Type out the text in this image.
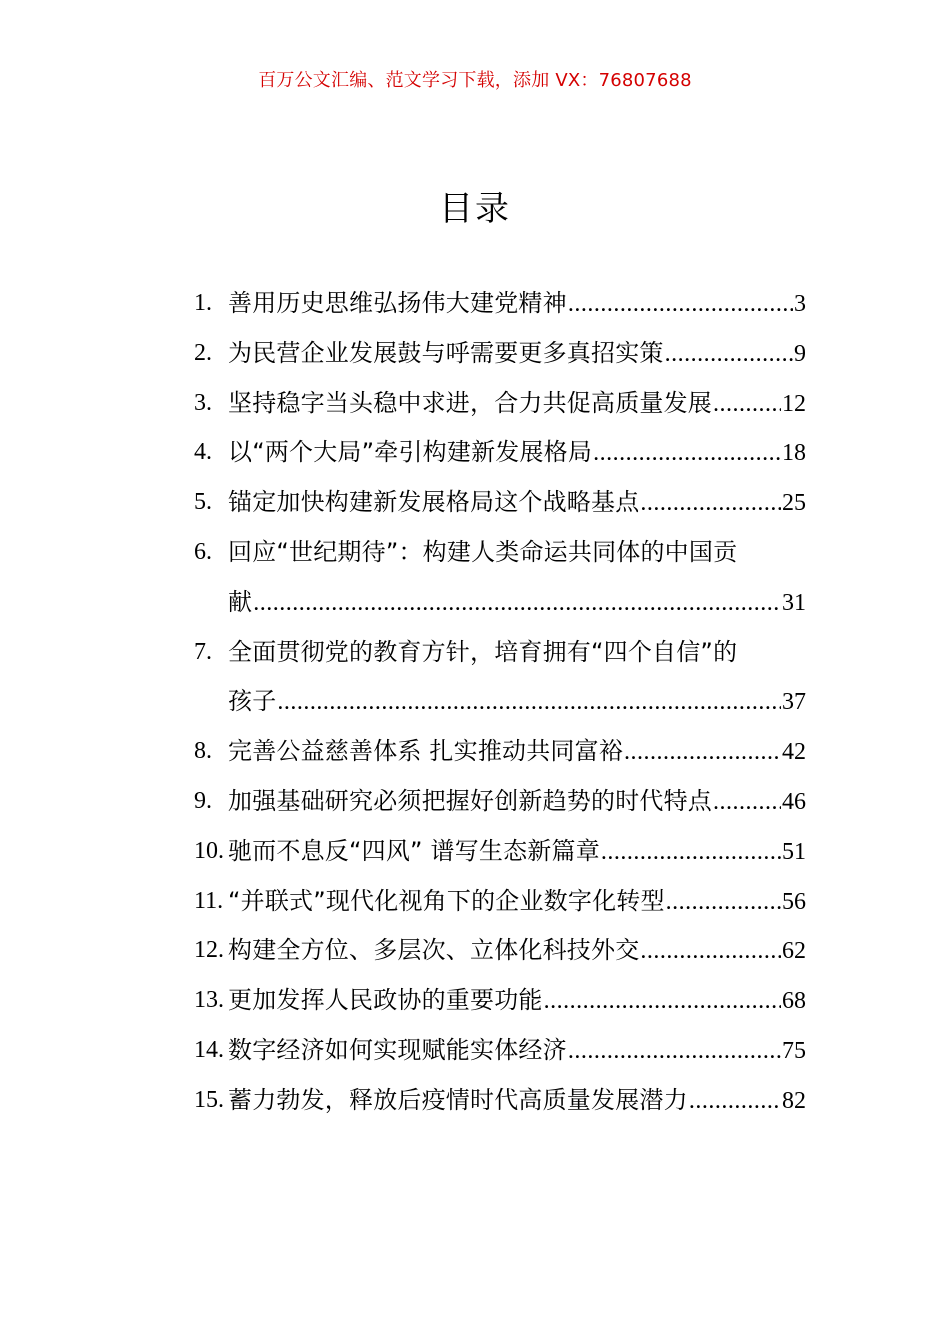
百万公文汇编、范文学习下载，添加 VX：76807688
目录
1. 善用历史思维弘扬伟大建党精神 .....	3
2. 为民营企业发展鼓与呼需要更多真招实策 .....	9
3. 坚持稳字当头稳中求进，合力共促高质量发展 .....	12
4. 以“两个大局”牵引构建新发展格局 .....	18
5. 锚定加快构建新发展格局这个战略基点 .....	25
6. 回应“世纪期待”：构建人类命运共同体的中国贡
献 .....	31
7. 全面贯彻党的教育方针，培育拥有“四个自信”的
孩子 .....	37
8. 完善公益慈善体系 扎实推动共同富裕 .....	42
9. 加强基础研究必须把握好创新趋势的时代特点 .....	46
10. 驰而不息反“四风” 谱写生态新篇章 .....	51
11. “并联式”现代化视角下的企业数字化转型 .....	56
12. 构建全方位、多层次、立体化科技外交 .....	62
13. 更加发挥人民政协的重要功能 .....	68
14. 数字经济如何实现赋能实体经济 .....	75
15. 蓄力勃发，释放后疫情时代高质量发展潜力 .....	82
